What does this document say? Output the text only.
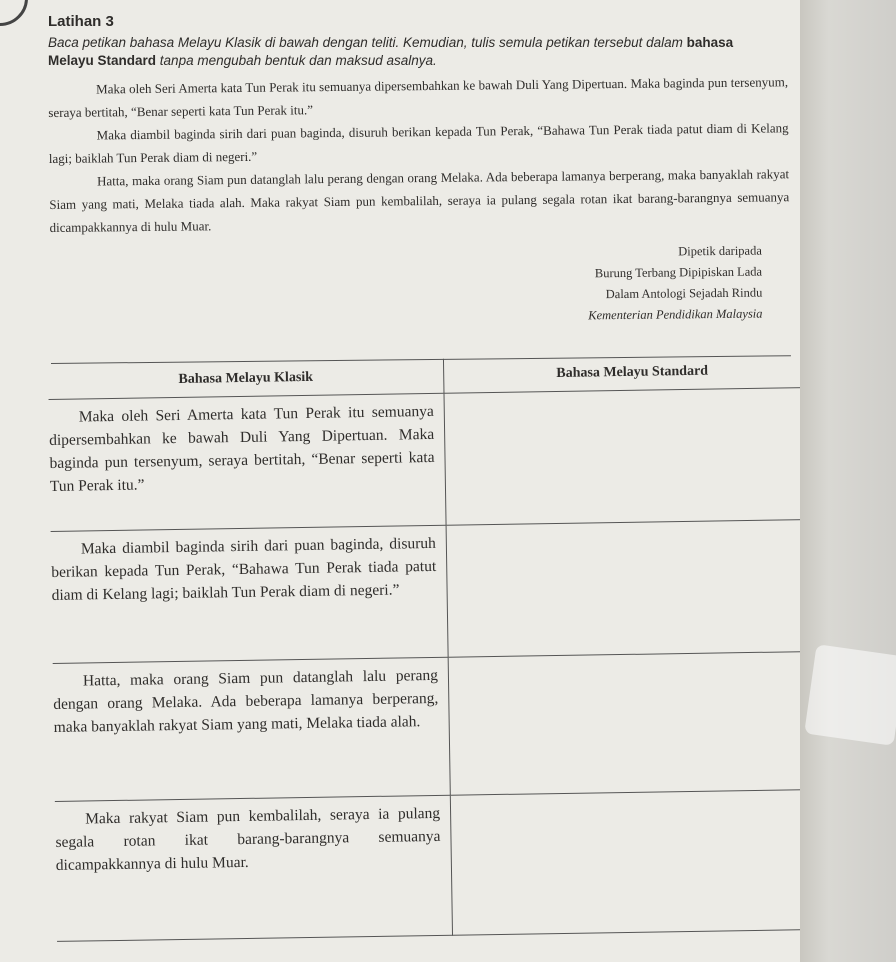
Latihan 3
Baca petikan bahasa Melayu Klasik di bawah dengan teliti. Kemudian, tulis semula petikan tersebut dalam bahasa Melayu Standard tanpa mengubah bentuk dan maksud asalnya.

Maka oleh Seri Amerta kata Tun Perak itu semuanya dipersembahkan ke bawah Duli Yang Dipertuan. Maka baginda pun tersenyum, seraya bertitah, “Benar seperti kata Tun Perak itu.”

Maka diambil baginda sirih dari puan baginda, disuruh berikan kepada Tun Perak, “Bahawa Tun Perak tiada patut diam di Kelang lagi; baiklah Tun Perak diam di negeri.”

Hatta, maka orang Siam pun datanglah lalu perang dengan orang Melaka. Ada beberapa lamanya berperang, maka banyaklah rakyat Siam yang mati, Melaka tiada alah. Maka rakyat Siam pun kembalilah, seraya ia pulang segala rotan ikat barang-barangnya semuanya dicampakkannya di hulu Muar.

Dipetik daripada
Burung Terbang Dipipiskan Lada
Dalam Antologi Sejadah Rindu
Kementerian Pendidikan Malaysia
Bahasa Melayu Klasik	Bahasa Melayu Standard

Maka oleh Seri Amerta kata Tun Perak itu semuanya dipersembahkan ke bawah Duli Yang Dipertuan. Maka baginda pun tersenyum, seraya bertitah, “Benar seperti kata Tun Perak itu.”	

Maka diambil baginda sirih dari puan baginda, disuruh berikan kepada Tun Perak, “Bahawa Tun Perak tiada patut diam di Kelang lagi; baiklah Tun Perak diam di negeri.”	

Hatta, maka orang Siam pun datanglah lalu perang dengan orang Melaka. Ada beberapa lamanya berperang, maka banyaklah rakyat Siam yang mati, Melaka tiada alah.	

Maka rakyat Siam pun kembalilah, seraya ia pulang segala rotan ikat barang-barangnya semuanya dicampakkannya di hulu Muar.	
